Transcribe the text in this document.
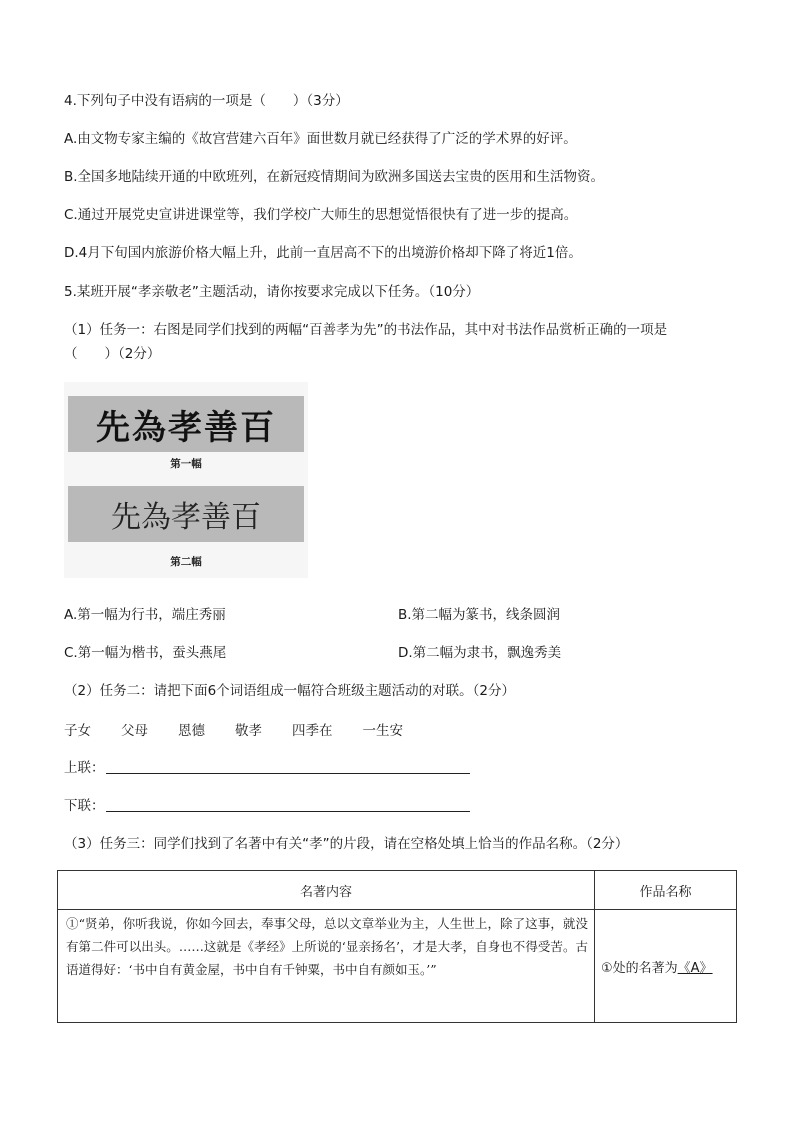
4.下列句子中没有语病的一项是（　　）（3分）
A.由文物专家主编的《故宫营建六百年》面世数月就已经获得了广泛的学术界的好评。
B.全国多地陆续开通的中欧班列，在新冠疫情期间为欧洲多国送去宝贵的医用和生活物资。
C.通过开展党史宣讲进课堂等，我们学校广大师生的思想觉悟很快有了进一步的提高。
D.4月下旬国内旅游价格大幅上升，此前一直居高不下的出境游价格却下降了将近1倍。
5.某班开展“孝亲敬老”主题活动，请你按要求完成以下任务。（10分）
（1）任务一：右图是同学们找到的两幅“百善孝为先”的书法作品，其中对书法作品赏析正确的一项是
（　　）（2分）
先為孝善百
第一幅
先為孝善百
第二幅
A.第一幅为行书，端庄秀丽	B.第二幅为篆书，线条圆润
C.第一幅为楷书，蚕头燕尾	D.第二幅为隶书，飘逸秀美
（2）任务二：请把下面6个词语组成一幅符合班级主题活动的对联。（2分）
子女 父母 恩德 敬孝 四季在 一生安
上联：
下联：
（3）任务三：同学们找到了名著中有关“孝”的片段，请在空格处填上恰当的作品名称。（2分）
名著内容	作品名称
①“贤弟，你听我说，你如今回去，奉事父母，总以文章举业为主，人生世上，除了这事，就没有第二件可以出头。……这就是《孝经》上所说的‘显亲扬名’，才是大孝，自身也不得受苦。古语道得好：‘书中自有黄金屋，书中自有千钟粟，书中自有颜如玉。’”	①处的名著为《A》
